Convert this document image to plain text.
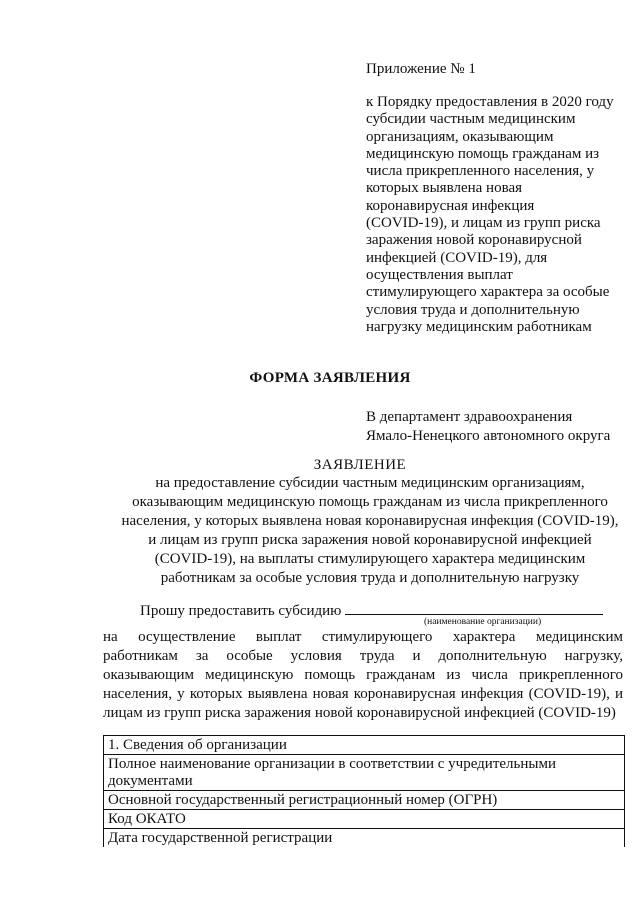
Приложение № 1
к Порядку предоставления в 2020 году
субсидии частным медицинским
организациям, оказывающим
медицинскую помощь гражданам из
числа прикрепленного населения, у
которых выявлена новая
коронавирусная инфекция
(COVID-19), и лицам из групп риска
заражения новой коронавирусной
инфекцией (COVID-19), для
осуществления выплат
стимулирующего характера за особые
условия труда и дополнительную
нагрузку медицинским работникам
ФОРМА ЗАЯВЛЕНИЯ
В департамент здравоохранения
Ямало-Ненецкого автономного округа
ЗАЯВЛЕНИЕ
на предоставление субсидии частным медицинским организациям,
оказывающим медицинскую помощь гражданам из числа прикрепленного
населения, у которых выявлена новая коронавирусная инфекция (COVID-19),
и лицам из групп риска заражения новой коронавирусной инфекцией
(COVID-19), на выплаты стимулирующего характера медицинским
работникам за особые условия труда и дополнительную нагрузку
Прошу предоставить субсидию
(наименование организации)
на осуществление выплат стимулирующего характера медицинским
работникам за особые условия труда и дополнительную нагрузку,
оказывающим медицинскую помощь гражданам из числа прикрепленного
населения, у которых выявлена новая коронавирусная инфекция (COVID-19), и
лицам из групп риска заражения новой коронавирусной инфекцией (COVID-19)
1. Сведения об организации
Полное наименование организации в соответствии с учредительными документами
Основной государственный регистрационный номер (ОГРН)
Код ОКАТО
Дата государственной регистрации
